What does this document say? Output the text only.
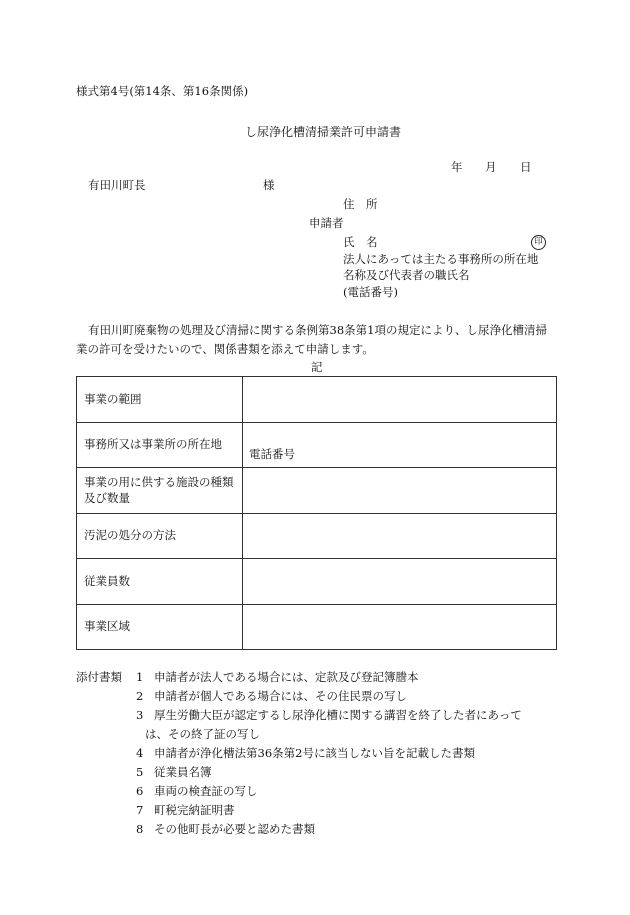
様式第4号(第14条、第16条関係)
し尿浄化槽清掃業許可申請書
年 月 日
有田川町長	様
住　所
申請者
氏　名	印
法人にあっては主たる事務所の所在地
名称及び代表者の職氏名
(電話番号)
有田川町廃棄物の処理及び清掃に関する条例第38条第1項の規定により、し尿浄化槽清掃
業の許可を受けたいので、関係書類を添えて申請します。
記
事業の範囲	
事務所又は事業所の所在地	電話番号

事業の用に供する施設の種類
及び数量	

汚泥の処分の方法	
従業員数	
事業区域	
添付書類 1 申請者が法人である場合には、定款及び登記簿謄本
2 申請者が個人である場合には、その住民票の写し
3 厚生労働大臣が認定するし尿浄化槽に関する講習を終了した者にあって
は、その終了証の写し
4 申請者が浄化槽法第36条第2号に該当しない旨を記載した書類
5 従業員名簿
6 車両の検査証の写し
7 町税完納証明書
8 その他町長が必要と認めた書類
